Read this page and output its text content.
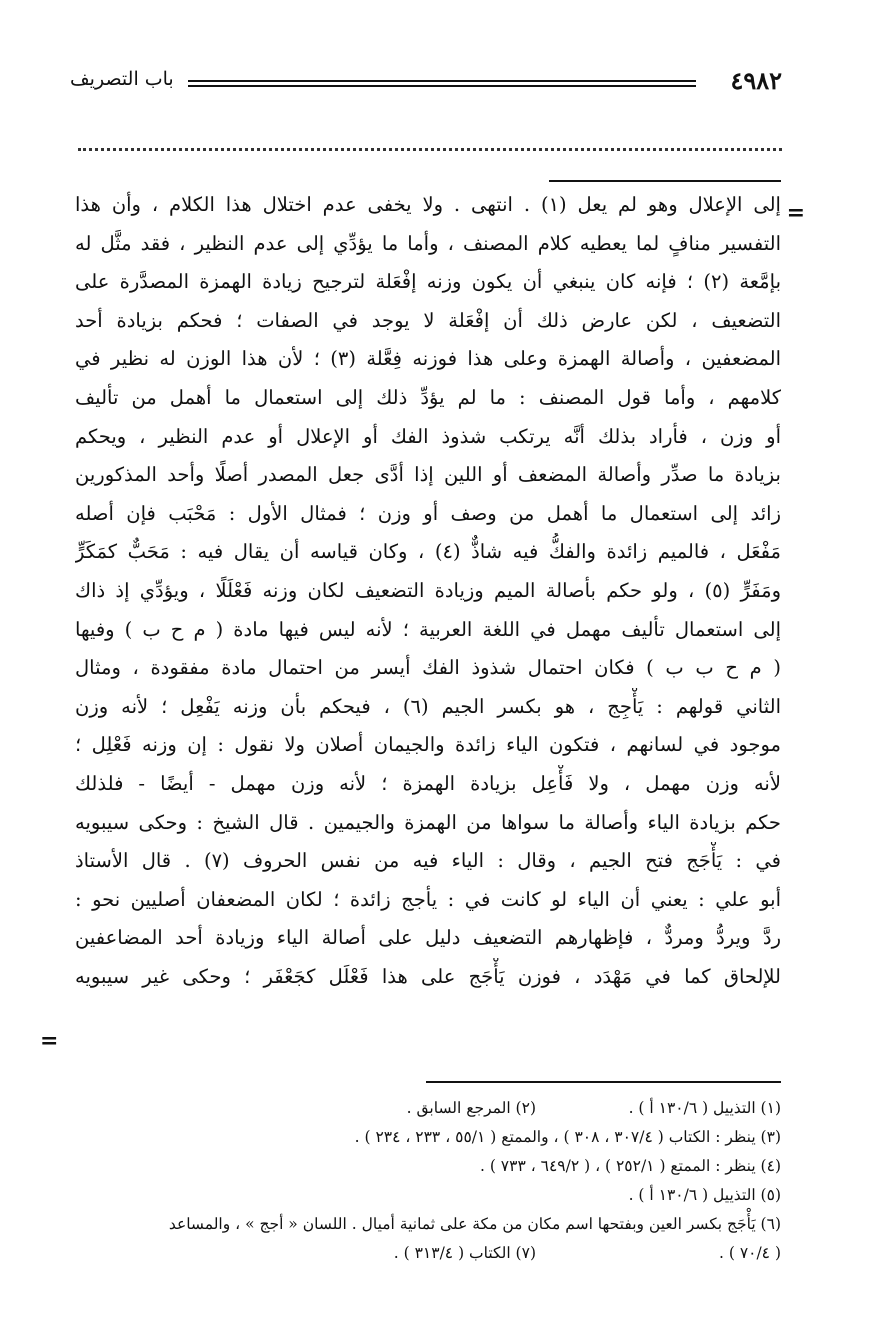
٤٩٨٢
باب التصريف
=
إلى الإعلال وهو لم يعل (١) . انتهى . ولا يخفى عدم اختلال هذا الكلام ، وأن هذا
التفسير منافٍ لما يعطيه كلام المصنف ، وأما ما يؤدِّي إلى عدم النظير ، فقد مثَّل له
بإمَّعة (٢) ؛ فإنه كان ينبغي أن يكون وزنه إفْعَلة لترجيح زيادة الهمزة المصدَّرة على
التضعيف ، لكن عارض ذلك أن إفْعَلة لا يوجد في الصفات ؛ فحكم بزيادة أحد
المضعفين ، وأصالة الهمزة وعلى هذا فوزنه فِعَّلة (٣) ؛ لأن هذا الوزن له نظير في
كلامهم ، وأما قول المصنف : ما لم يؤدِّ ذلك إلى استعمال ما أهمل من تأليف
أو وزن ، فأراد بذلك أنَّه يرتكب شذوذ الفك أو الإعلال أو عدم النظير ، ويحكم
بزيادة ما صدِّر وأصالة المضعف أو اللين إذا أدَّى جعل المصدر أصلًا وأحد المذكورين
زائد إلى استعمال ما أهمل من وصف أو وزن ؛ فمثال الأول : مَحْبَب فإن أصله
مَفْعَل ، فالميم زائدة والفكُّ فيه شاذٌّ (٤) ، وكان قياسه أن يقال فيه : مَحَبٌّ كمَكَرٍّ
ومَفَرٍّ (٥) ، ولو حكم بأصالة الميم وزيادة التضعيف لكان وزنه فَعْلَلًا ، ويؤدِّي إذ ذاك
إلى استعمال تأليف مهمل في اللغة العربية ؛ لأنه ليس فيها مادة ( م ح ب ) وفيها
( م ح ب ب ) فكان احتمال شذوذ الفك أيسر من احتمال مادة مفقودة ، ومثال
الثاني قولهم : يَأْجِج ، هو بكسر الجيم (٦) ، فيحكم بأن وزنه يَفْعِل ؛ لأنه وزن
موجود في لسانهم ، فتكون الياء زائدة والجيمان أصلان ولا نقول : إن وزنه فَعْلِل ؛
لأنه وزن مهمل ، ولا فَأْعِل بزيادة الهمزة ؛ لأنه وزن مهمل - أيضًا - فلذلك
حكم بزيادة الياء وأصالة ما سواها من الهمزة والجيمين . قال الشيخ : وحكى سيبويه
في : يَأْجَج فتح الجيم ، وقال : الياء فيه من نفس الحروف (٧) . قال الأستاذ
أبو علي : يعني أن الياء لو كانت في : يأجج زائدة ؛ لكان المضعفان أصليين نحو :
ردَّ ويردُّ ومردٌّ ، فإظهارهم التضعيف دليل على أصالة الياء وزيادة أحد المضاعفين
للإلحاق كما في مَهْدَد ، فوزن يَأْجَج على هذا فَعْلَل كجَعْفَر ؛ وحكى غير سيبويه
=
(١) التذييل ( ١٣٠/٦ أ ) .
(٢) المرجع السابق .
(٣) ينظر : الكتاب ( ٣٠٧/٤ ، ٣٠٨ ) ، والممتع ( ٥٥/١ ، ٢٣٣ ، ٢٣٤ ) .
(٤) ينظر : الممتع ( ٢٥٢/١ ) ، ( ٦٤٩/٢ ، ٧٣٣ ) .
(٥) التذييل ( ١٣٠/٦ أ ) .
(٦) يَأْجَج بكسر العين وبفتحها اسم مكان من مكة على ثمانية أميال . اللسان « أجج » ، والمساعد
( ٧٠/٤ ) .
(٧) الكتاب ( ٣١٣/٤ ) .
